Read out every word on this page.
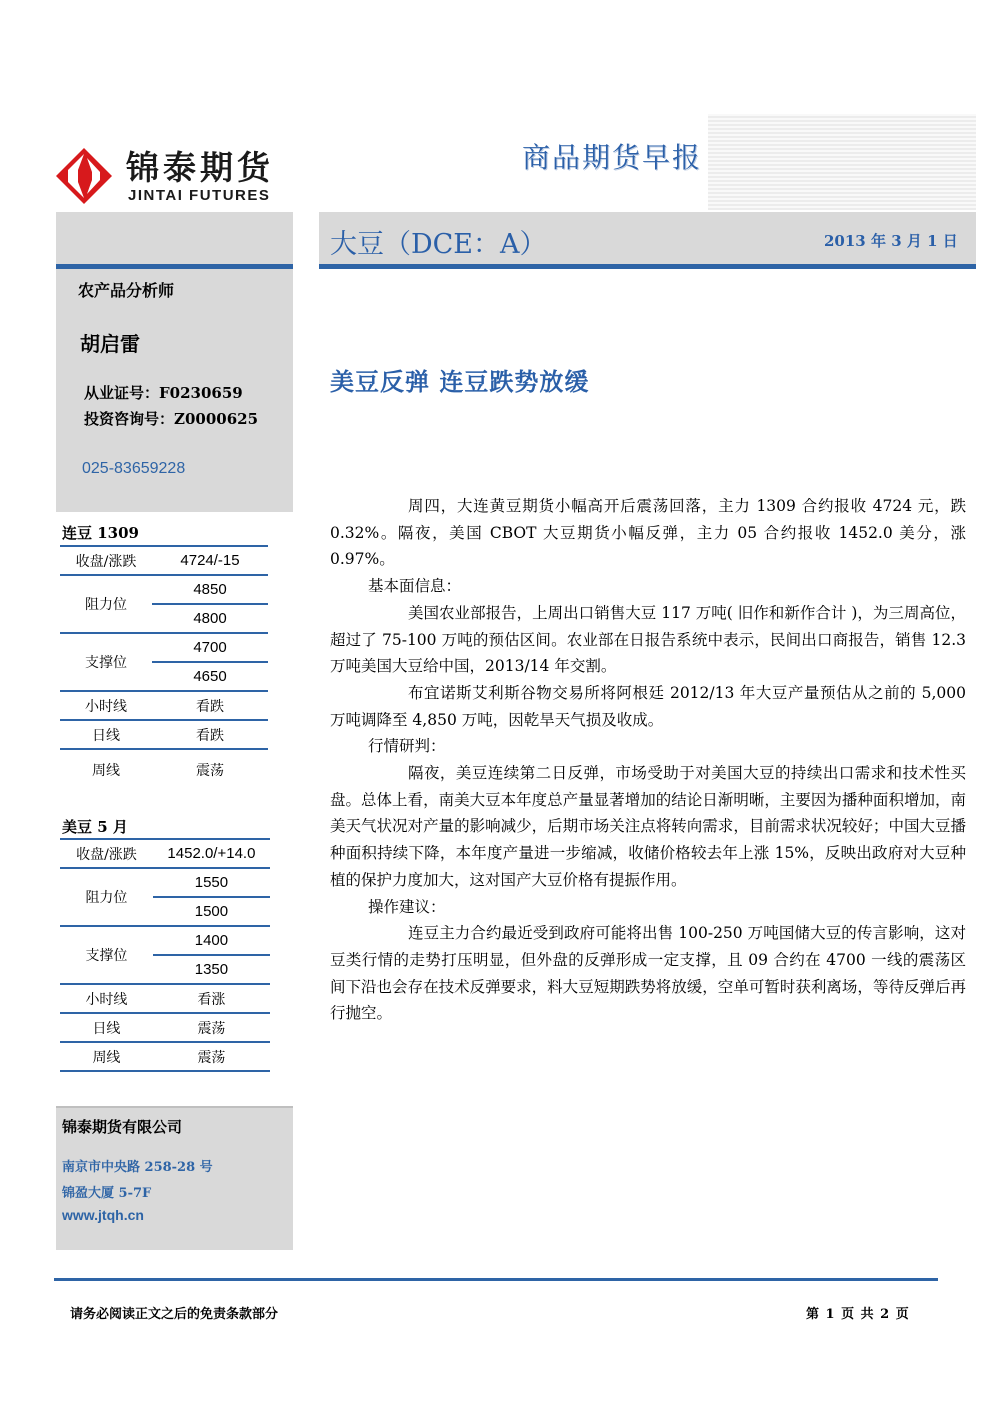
锦泰期货
JINTAI FUTURES
商品期货早报
农产品分析师
胡启雷
从业证号：F0230659
投资咨询号：Z0000625
025-83659228
连豆 1309
收盘/涨跌	4724/-15
阻力位	4850
	4800
支撑位	4700
	4650
小时线	看跌
日线	看跌
周线	震荡
美豆 5 月
收盘/涨跌	1452.0/+14.0
阻力位	1550
	1500
支撑位	1400
	1350
小时线	看涨
日线	震荡
周线	震荡
锦泰期货有限公司
南京市中央路 258-28 号
锦盈大厦 5-7F
www.jtqh.cn
大豆（DCE：A）	2013 年 3 月 1 日
美豆反弹 连豆跌势放缓

周四，大连黄豆期货小幅高开后震荡回落，主力 1309 合约报收 4724 元，跌 0.32%。隔夜，美国 CBOT 大豆期货小幅反弹，主力 05 合约报收 1452.0 美分，涨 0.97%。

基本面信息：

美国农业部报告，上周出口销售大豆 117 万吨( 旧作和新作合计 )，为三周高位，超过了 75-100 万吨的预估区间。农业部在日报告系统中表示，民间出口商报告，销售 12.3 万吨美国大豆给中国，2013/14 年交割。

布宜诺斯艾利斯谷物交易所将阿根廷 2012/13 年大豆产量预估从之前的 5,000 万吨调降至 4,850 万吨，因乾旱天气损及收成。

行情研判：

隔夜，美豆连续第二日反弹，市场受助于对美国大豆的持续出口需求和技术性买盘。总体上看，南美大豆本年度总产量显著增加的结论日渐明晰，主要因为播种面积增加，南美天气状况对产量的影响减少，后期市场关注点将转向需求，目前需求状况较好；中国大豆播种面积持续下降，本年度产量进一步缩减，收储价格较去年上涨 15%，反映出政府对大豆种植的保护力度加大，这对国产大豆价格有提振作用。

操作建议：

连豆主力合约最近受到政府可能将出售 100-250 万吨国储大豆的传言影响，这对豆类行情的走势打压明显，但外盘的反弹形成一定支撑，且 09 合约在 4700 一线的震荡区间下沿也会存在技术反弹要求，料大豆短期跌势将放缓，空单可暂时获利离场，等待反弹后再行抛空。

请务必阅读正文之后的免责条款部分	第 1 页 共 2 页
